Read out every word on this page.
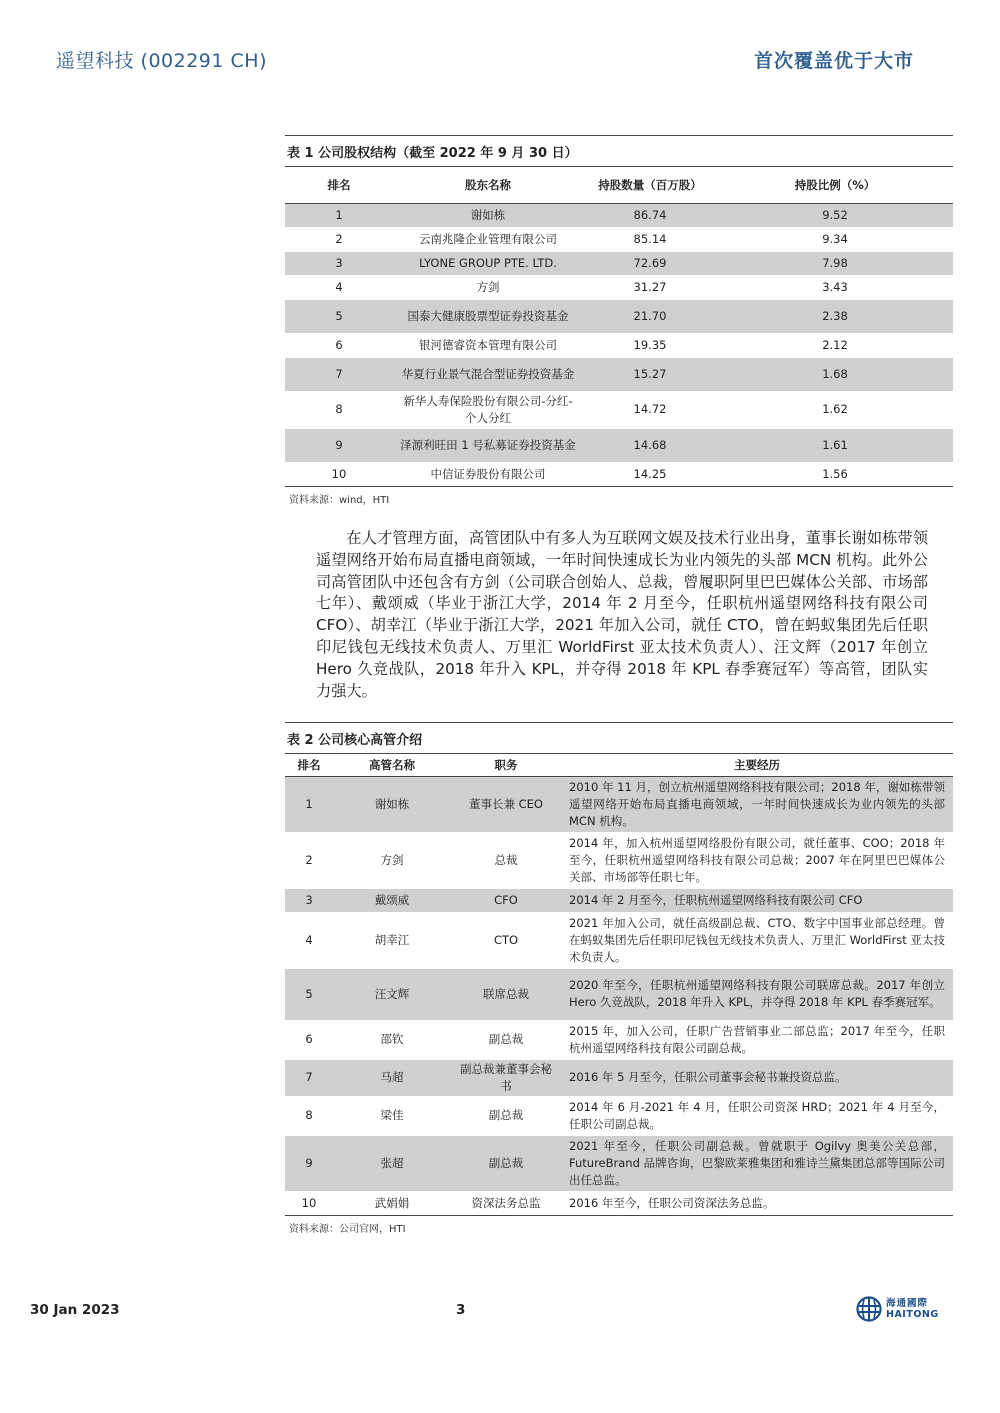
遥望科技 (002291 CH)	首次覆盖优于大市
表 1 公司股权结构（截至 2022 年 9 月 30 日）
排名	股东名称	持股数量（百万股）	持股比例（%）
1	谢如栋	86.74	9.52
2	云南兆隆企业管理有限公司	85.14	9.34
3	LYONE GROUP PTE. LTD.	72.69	7.98
4	方剑	31.27	3.43
5	国泰大健康股票型证券投资基金	21.70	2.38
6	银河德睿资本管理有限公司	19.35	2.12
7	华夏行业景气混合型证券投资基金	15.27	1.68
8	新华人寿保险股份有限公司-分红-个人分红	14.72	1.62
9	泽源利旺田 1 号私募证券投资基金	14.68	1.61
10	中信证券股份有限公司	14.25	1.56
资料来源：wind，HTI
在人才管理方面，高管团队中有多人为互联网文娱及技术行业出身，董事长谢如栋带领遥望网络开始布局直播电商领域，一年时间快速成长为业内领先的头部 MCN 机构。此外公司高管团队中还包含有方剑（公司联合创始人、总裁，曾履职阿里巴巴媒体公关部、市场部七年）、戴颂威（毕业于浙江大学，2014 年 2 月至今，任职杭州遥望网络科技有限公司 CFO）、胡幸江（毕业于浙江大学，2021 年加入公司，就任 CTO，曾在蚂蚁集团先后任职印尼钱包无线技术负责人、万里汇 WorldFirst 亚太技术负责人）、汪文辉（2017 年创立 Hero 久竞战队，2018 年升入 KPL，并夺得 2018 年 KPL 春季赛冠军）等高管，团队实力强大。
表 2 公司核心高管介绍
排名	高管名称	职务	主要经历
1	谢如栋	董事长兼 CEO	2010 年 11 月，创立杭州遥望网络科技有限公司；2018 年，谢如栋带领遥望网络开始布局直播电商领域，一年时间快速成长为业内领先的头部 MCN 机构。
2	方剑	总裁	2014 年，加入杭州遥望网络股份有限公司，就任董事、COO；2018 年至今，任职杭州遥望网络科技有限公司总裁；2007 年在阿里巴巴媒体公关部、市场部等任职七年。
3	戴颂威	CFO	2014 年 2 月至今，任职杭州遥望网络科技有限公司 CFO
4	胡幸江	CTO	2021 年加入公司，就任高级副总裁、CTO、数字中国事业部总经理。曾在蚂蚁集团先后任职印尼钱包无线技术负责人、万里汇 WorldFirst 亚太技术负责人。
5	汪文辉	联席总裁	2020 年至今，任职杭州遥望网络科技有限公司联席总裁。2017 年创立 Hero 久竞战队，2018 年升入 KPL，并夺得 2018 年 KPL 春季赛冠军。
6	邵钦	副总裁	2015 年，加入公司，任职广告营销事业二部总监；2017 年至今，任职杭州遥望网络科技有限公司副总裁。
7	马超	副总裁兼董事会秘书	2016 年 5 月至今，任职公司董事会秘书兼投资总监。
8	梁佳	副总裁	2014 年 6 月-2021 年 4 月，任职公司资深 HRD；2021 年 4 月至今，任职公司副总裁。
9	张超	副总裁	2021 年至今，任职公司副总裁。曾就职于 Ogilvy 奥美公关总部，FutureBrand 品牌咨询，巴黎欧莱雅集团和雅诗兰黛集团总部等国际公司出任总监。
10	武娟娟	资深法务总监	2016 年至今，任职公司资深法务总监。
资料来源：公司官网，HTI
30 Jan 2023	3	海通國際
HAITONG
